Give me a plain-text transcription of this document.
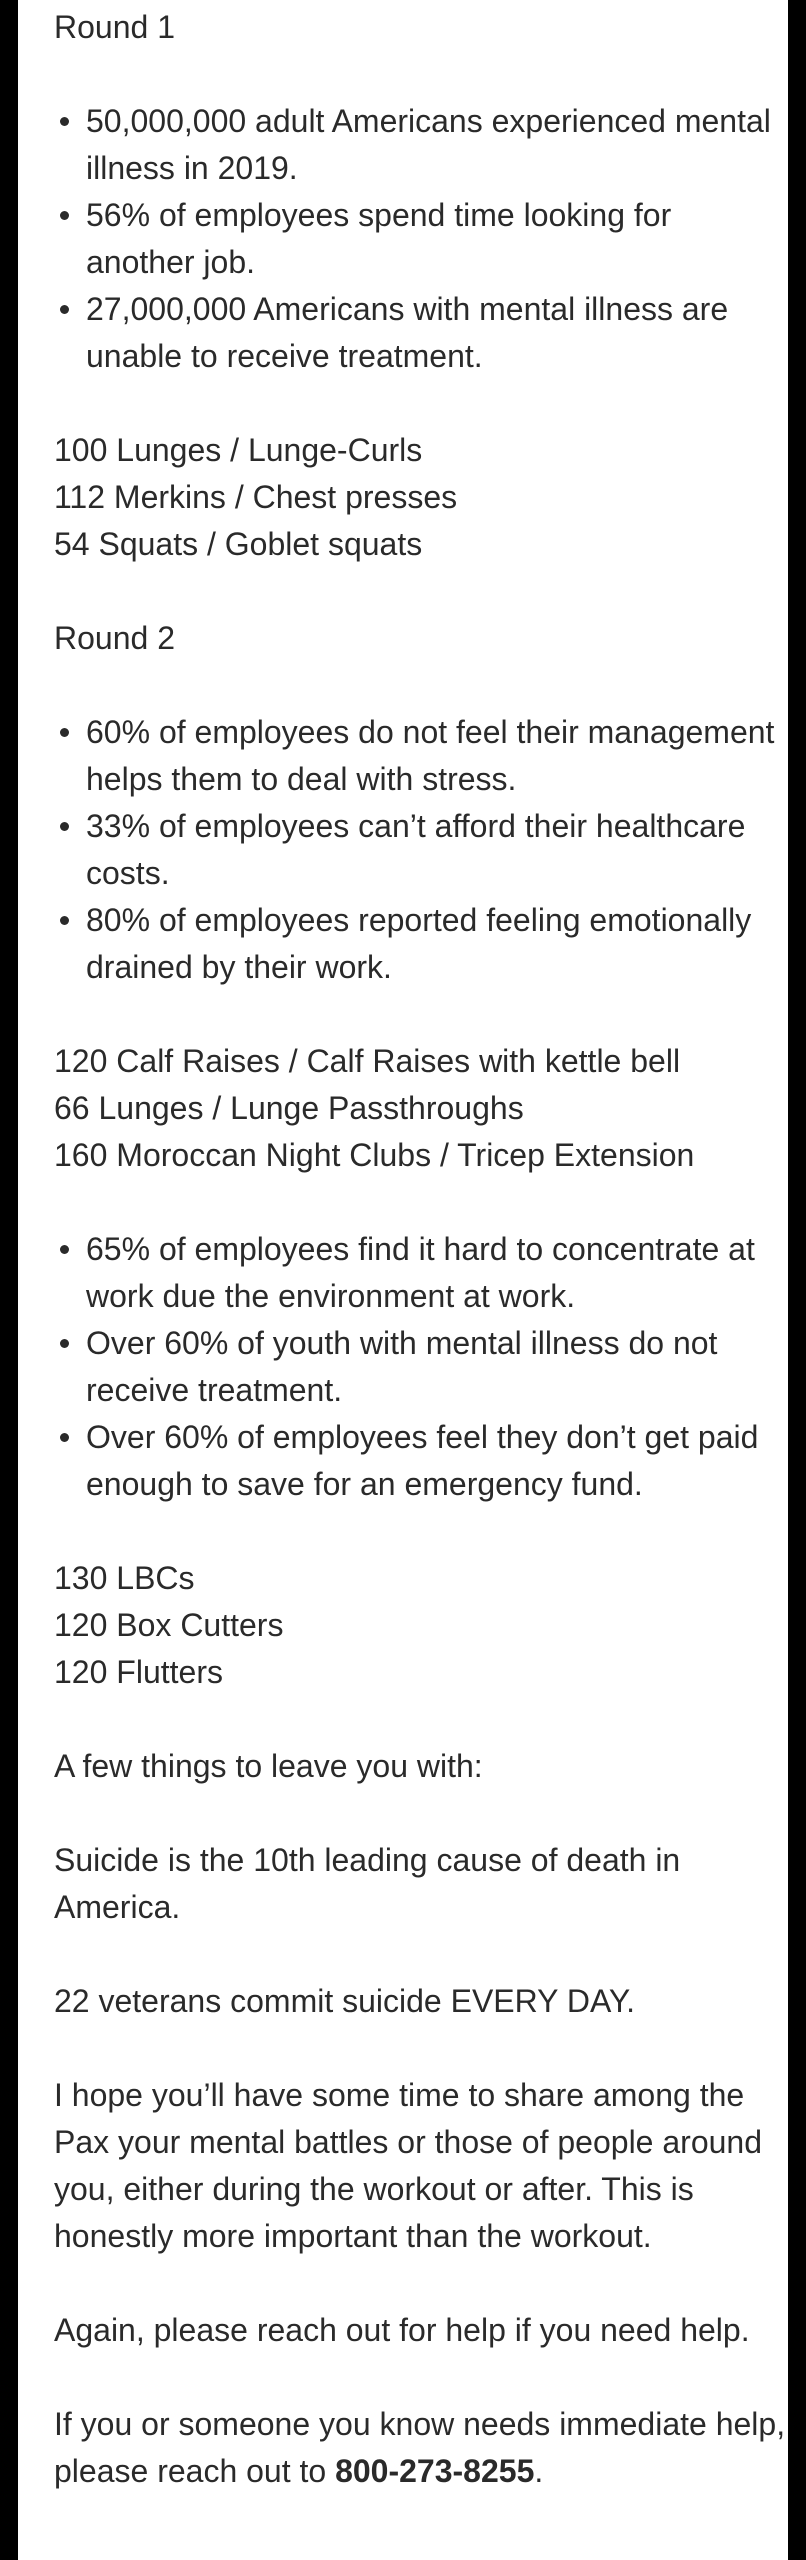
Round 1

50,000,000 adult Americans experienced mental illness in 2019.
56% of employees spend time looking for another job.
27,000,000 Americans with mental illness are unable to receive treatment.

100 Lunges / Lunge-Curls

112 Merkins / Chest presses

54 Squats / Goblet squats

Round 2

60% of employees do not feel their management helps them to deal with stress.
33% of employees can’t afford their healthcare costs.
80% of employees reported feeling emotionally drained by their work.

120 Calf Raises / Calf Raises with kettle bell

66 Lunges / Lunge Passthroughs

160 Moroccan Night Clubs / Tricep Extension

65% of employees find it hard to concentrate at work due the environment at work.
Over 60% of youth with mental illness do not receive treatment.
Over 60% of employees feel they don’t get paid enough to save for an emergency fund.

130 LBCs

120 Box Cutters

120 Flutters

A few things to leave you with:

Suicide is the 10th leading cause of death in America.

22 veterans commit suicide EVERY DAY.

I hope you’ll have some time to share among the Pax your mental battles or those of people around you, either during the workout or after. This is honestly more important than the workout.

Again, please reach out for help if you need help.

If you or someone you know needs immediate help, please reach out to 800-273-8255.
